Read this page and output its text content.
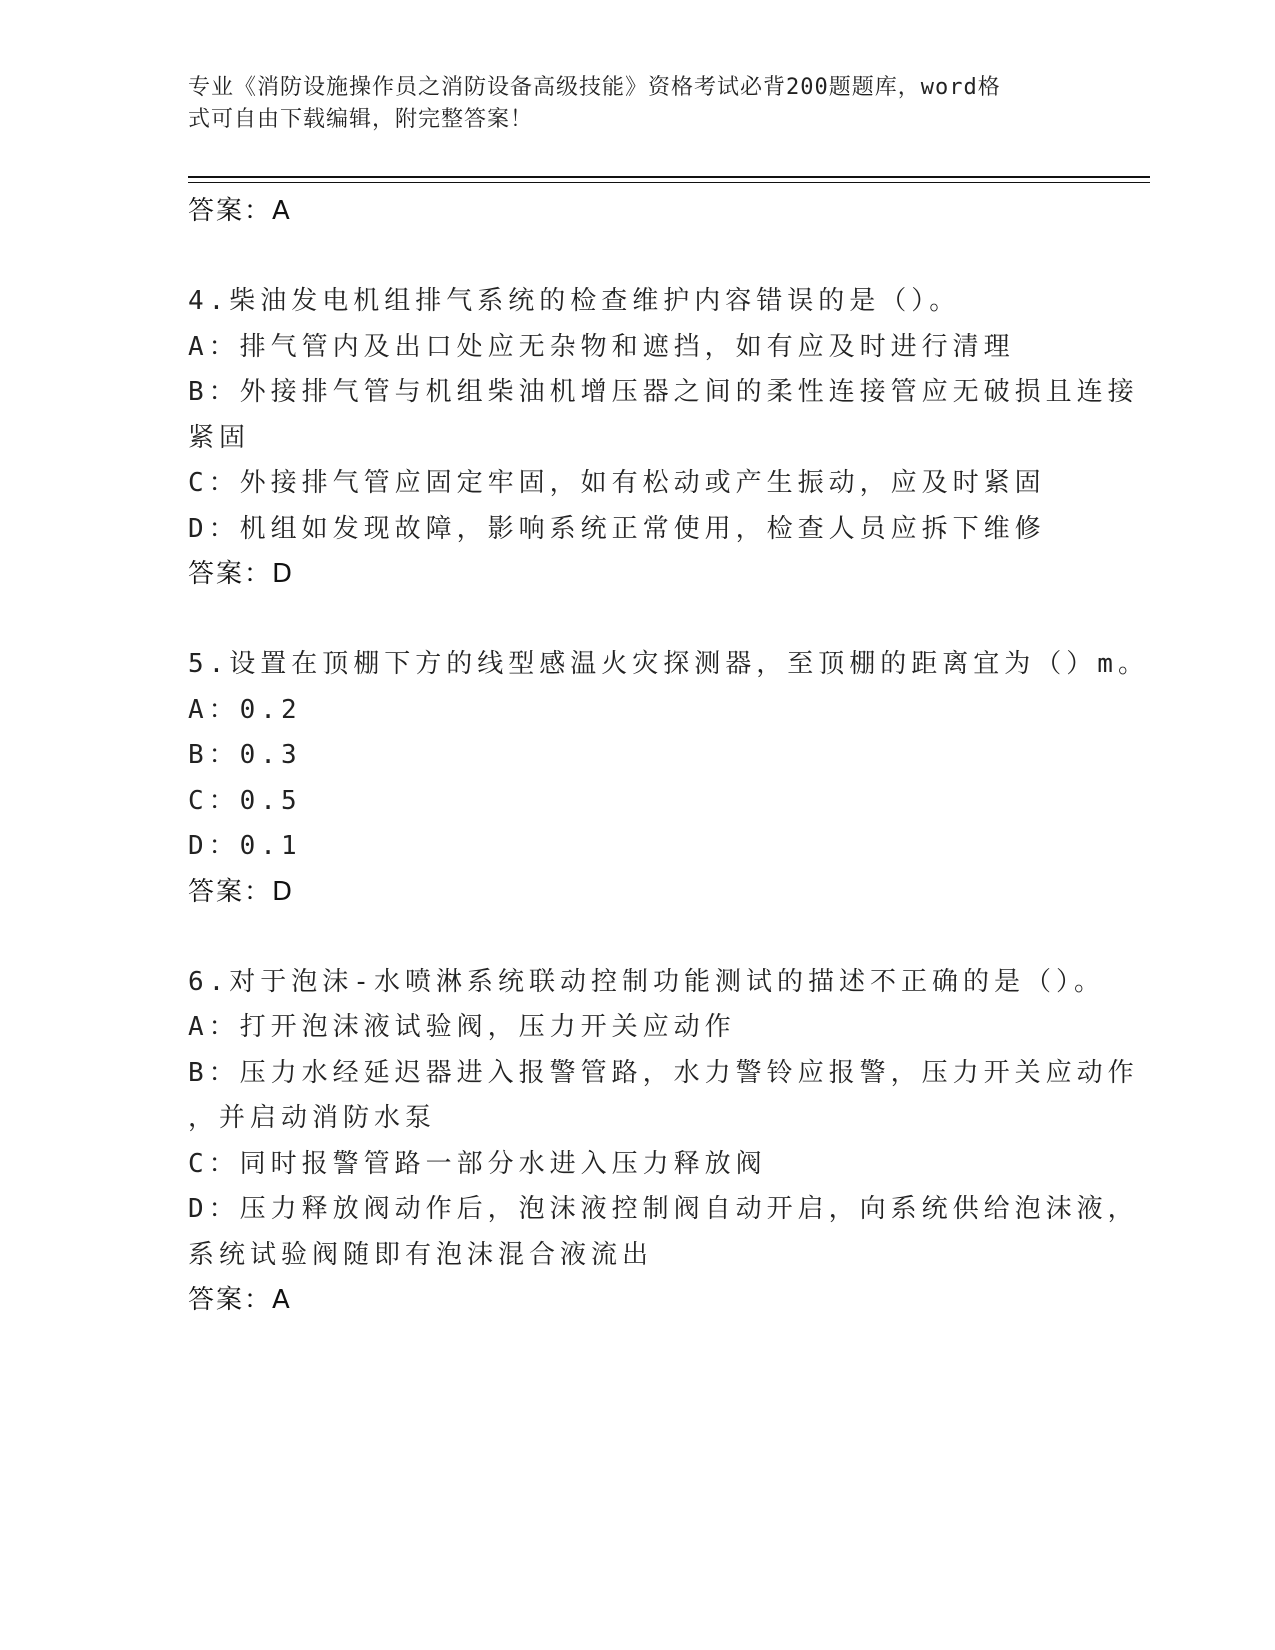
专业《消防设施操作员之消防设备高级技能》资格考试必背200题题库，word格
式可自由下载编辑，附完整答案！
答案：A
4.柴油发电机组排气系统的检查维护内容错误的是（）。
A：排气管内及出口处应无杂物和遮挡，如有应及时进行清理
B：外接排气管与机组柴油机增压器之间的柔性连接管应无破损且连接
紧固
C：外接排气管应固定牢固，如有松动或产生振动，应及时紧固
D：机组如发现故障，影响系统正常使用，检查人员应拆下维修
答案：D
5.设置在顶棚下方的线型感温火灾探测器，至顶棚的距离宜为（）m。
A：0.2
B：0.3
C：0.5
D：0.1
答案：D
6.对于泡沫-水喷淋系统联动控制功能测试的描述不正确的是（）。
A：打开泡沫液试验阀，压力开关应动作
B：压力水经延迟器进入报警管路，水力警铃应报警，压力开关应动作
，并启动消防水泵
C：同时报警管路一部分水进入压力释放阀
D：压力释放阀动作后，泡沫液控制阀自动开启，向系统供给泡沫液，
系统试验阀随即有泡沫混合液流出
答案：A
